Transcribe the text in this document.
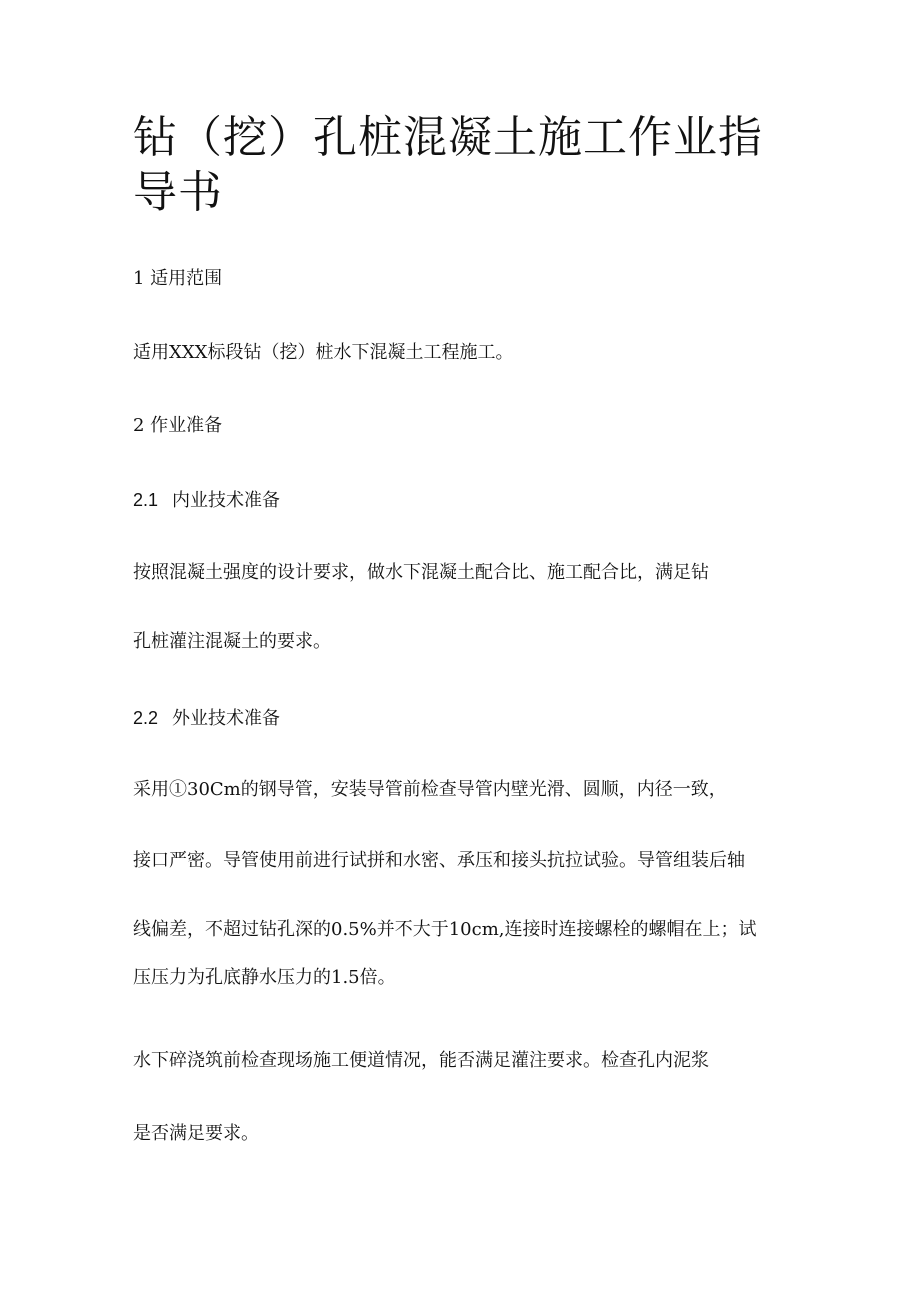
钻（挖）孔桩混凝土施工作业指导书

1 适用范围

适用XXX标段钻（挖）桩水下混凝土工程施工。

2 作业准备

2.1 内业技术准备

按照混凝土强度的设计要求，做水下混凝土配合比、施工配合比，满足钻

孔桩灌注混凝土的要求。

2.2 外业技术准备

采用①30Cm的钢导管，安装导管前检查导管内壁光滑、圆顺，内径一致，

接口严密。导管使用前进行试拼和水密、承压和接头抗拉试验。导管组装后轴

线偏差，不超过钻孔深的0.5%并不大于10cm,连接时连接螺栓的螺帽在上；试

压压力为孔底静水压力的1.5倍。

水下碎浇筑前检查现场施工便道情况，能否满足灌注要求。检查孔内泥浆

是否满足要求。
